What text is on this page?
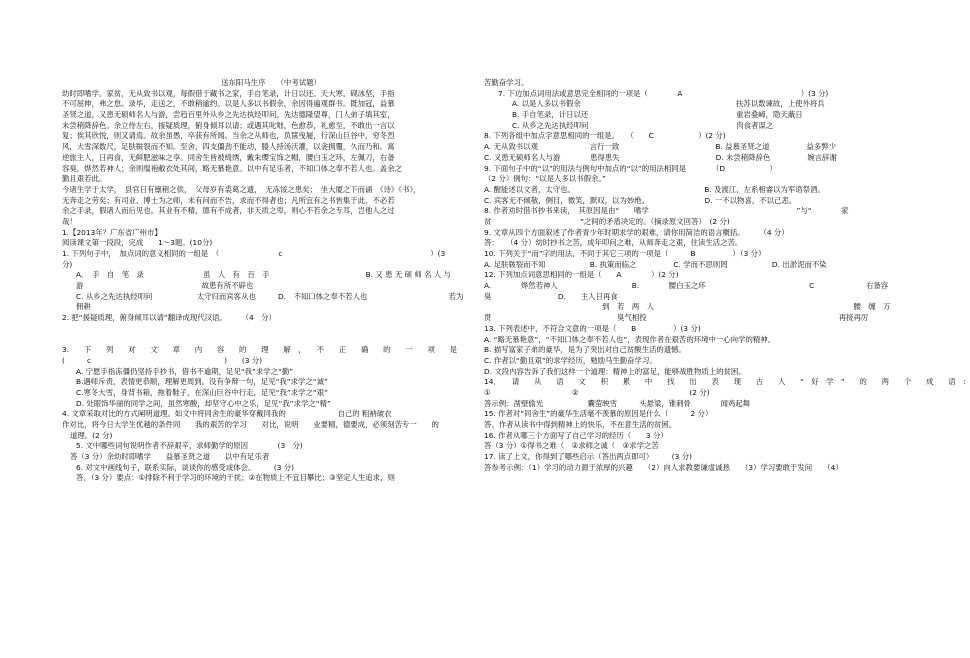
送东阳马生序　　（中考试题）
幼时即嗜学。家贫，无从致书以观，每假借于藏书之家，手自笔录，计日以还。天大寒，砚冰坚，手指
不可屈伸，弗之怠。录毕，走送之，不敢稍逾约。以是人多以书假余，余因得遍观群书。既加冠，益慕
圣贤之道，又患无硕师名人与游，尝趋百里外从乡之先达执经叩问。先达德隆望尊，门人弟子填其室，
未尝稍降辞色。余立侍左右，援疑质理，俯身倾耳以请；或遇其叱咄，色愈恭，礼愈至，不敢出一言以
复；俟其欣悦，则又请焉。故余虽愚，卒获有所闻。当余之从师也，负箧曳屣，行深山巨谷中，穷冬烈
风，大雪深数尺，足肤皲裂而不知。至舍，四支僵劲不能动，媵人持汤沃灌，以衾拥覆，久而乃和。寓
逆旅主人，日再食，无鲜肥滋味之享。同舍生皆被绮绣，戴朱缨宝饰之帽，腰白玉之环，左佩刀，右备
容臭，烨然若神人；余则缊袍敝衣处其间，略无慕艳意。以中有足乐者，不知口体之奉不若人也。盖余之
勤且艰若此。
今诸生学于太学，　县官日有廪稍之供，　父母岁有裘葛之遗，　无冻馁之患矣；　坐大厦之下而诵　《诗》《书》，
无奔走之劳矣；有司业、博士为之师，未有问而不告，求而不得者也；凡所宜有之书皆集于此，不必若
余之手录，假诸人而后见也。其业有不精，德有不成者，非天质之卑，则心不若余之专耳，岂他人之过
哉！
1.【2013年？广东省广州市】
阅读课文第一段段，完成　　1～3题。(10分)
1. 下列句子中，　加点词的意义相同的一组是　（　　　　　　　　c　　　　　　　　　　　　　　　　　　　　）(3
分)
A．　手　自　笔　录　　　　　　　　虽　人　有　百　手　　　　　　　　　　　　　B. 又 患 无 硕 师 名 人 与
游　　　　　　　　　　　　　　　　故患有所不辟也
C. 从乡之先达执经叩问　　　　　　太守归而宾客从也　　　D.　不知口体之奉不若人也　　　　　　　　　　　若为
佣耕
2. 把“援疑质理，俯身倾耳以请”翻译成现代汉语。　　　（4　分）
3.　　下　　列　　对　　文　　章　　内　　容　　的　　理　　解　，　　不　　正　　确　　的　　一　　项　　是
(　　　c　　　　　　　　　　　　　　　　　　)　　(3 分)
A. 宁愿手指冻僵仍坚持手抄书，借书不逾期，足见“我”求学之“勤”
B.遇师斥责，表情更恭顺，理解更周到，没有争辩一句，足见“我”求学之“诚”
C.寒冬大雪，身背书箱，拖着鞋子，在深山巨谷中行走，足见“我”求学之“艰”
D. 处眼饰华丽的同学之间，虽然寒酸，却坚守心中之乐，足见“我”求学之“精”
4. 文章采取对比的方式阐明道理。如文中将同舍生的豪华穿戴同我的　　　　　　　自己的 粗衲破衣
作对比，将今日大学生优越的条件同　　我的艰苦的学习　　对比，说明　　业要精，德要成，必须刻苦专一　　的
道理。(2 分)
5. 文中哪些词句说明作者不辞艰辛，求师勤学的原因　　　　(3　分)
答（3 分）余幼时即嗜学　　益慕圣贤之道　　以中有足乐者
6. 对文中画线句子，联系实际，谈谈你的感受或体会。　　　(3 分)
答．（3 分）要点：①排除不利于学习的环境的干扰；②在物质上不宜目攀比；③坚定人生追求，则
苦勤奋学习。
7. 下边加点词用法或意思完全相同的一项是（　　　　A　　　　　　　　　　　　　　　　）(3 分)
A. 以是人多以书假余　　　　　　　　　　　　　　　　　　　　　扶苏以数谏故，上使外将兵
B. 手自笔录，计日以还　　　　　　　　　　　　　　　　　　　　重岩叠嶂，隐天蔽日
C. 从乡之先达执经叩问　　　　　　　　　　　　　　　　　　　　肉食者谋之
8. 下列各组中加点字意思相同的一组是。　　（　　C　　　　　　）(2 分)
A. 无从致书以观　　　　　　　言行一致　　　　　　　　　　　　　B. 益慕圣贤之道　　　　　益多弊少
C. 又患无硕师名人与游　　　　患得患失　　　　　　　　　　　　　D. 未尝稍降辞色　　　　　婉言辞谢
9. 下面句子中的“以”的用法与例句中加点的“以”的用法相同是　　　　（D　　　　　　）
（2 分）例句：“以是人多以书假余。”
A. 醒能述以文者，太守也。　　　　　　　　　　　　　　　　　　B. 及渡江，左系相睿以为军谘祭酒。
C. 宾客无不倾敬，侧目，微笑，默叹，以为妙绝。　　　　　　　　D. 一不以物喜，不以己悲。
8. 作者劝时借书抄书来读，　其原因是由“　　嗜学　　　　　　　　　　　　　　　　　　　　”与“　　　　家
贫　　　　　　　　　　　　”之间的矛盾决定的。（摘录原文回答）　(2 分)
9. 文章从四个方面叙述了作者青少年时期求学的艰难，请你用简洁的语言概括。　　　（4 分）
答：　　（4 分）幼时抄书之苦，成年叩问之难，从师奔走之艰，住读生活之苦。
10. 下列关于“而”字的用法，不同于其它三项的一项是（　　　B　　　　　）（3 分）
A. 足肤皲裂而不知　　　　　　B. 执策而临之　　　　　C. 学而不思则罔　　　　　　D. 出淤泥而不染
12. 下列加点词意思相同的一组是（　　A　　　　）(2 分)
A.　　　　烨然若神人　　　　　　　　　　B.　　　　腰白玉之环　　　　　　　　　　　　　　C　　　　　　　右备容
臭　　　　　　　　　D.　　主人日再食
　　　　　　　　　　　　　　　　到　若　两　人　　　　　　　　　　　　　　　　　　　　　　　　　　　腰　缠　万
贯　　　　　　　　　　　　　　　　　臭气相投　　　　　　　　　　　　　　　　　　　　　　　　　　再接再厉
13. 下列表述中，不符合文意的一项是（　　B　　　　　）(3 分)
A. “略无慕艳意”，“不知口体之奉不若人也”，表现作者在艰苦的环境中一心向学的精神。
B. 描写富家子弟的豪华，是为了突出对自己贫酸生活的遗憾。
C. 作者以“勤且艰”的求学经历，勉励马生勤奋学习。
D. 文段内容告诉了我们这样一个道理：精神上的富足，能够战胜物质上的贫困。
14．　　请　　从　　语　　文　　积　　累　　中　　找　　出　　表　　现　　古　　人　　“　好　学　”　　的　　两　　个　　成　　语　：
①　　　　　　　　　　　②　　　　　　　　　　　　　　　(2 分)
答示例：凿壁偷光　　　　　　囊萤映雪　　　头悬梁，锥刺骨　　　　闻鸡起舞
15. 作者对“同舍生”的豪华生活毫不羡慕的原因是什么（　　　2 分）
答、作者从读书中得到精神上的快乐，不在意生活的贫困。
16. 作者从哪三个方面写了自己学习的经历（　　3 分）
答（3 分）①得书之难（　②求师之诚（　③求学之苦
17. 读了上文，你得到了哪些启示（答出两点即可）　　　(3 分)
答参考示例：（1）学习的动力源于浓厚的兴趣　　（2）向人求教要谦虚诚恳　　（3）学习要敢于发问　　（4）
